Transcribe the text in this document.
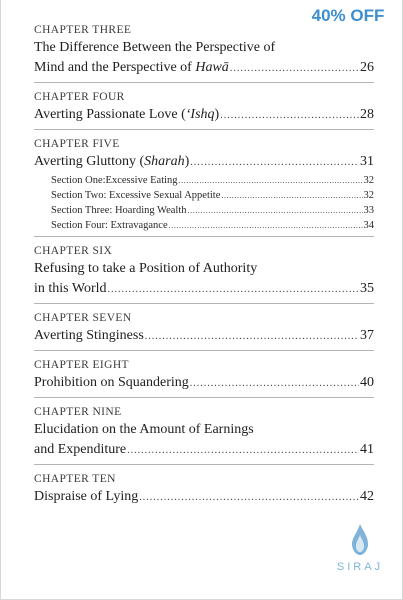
40% OFF
CHAPTER THREE
The Difference Between the Perspective of
Mind and the Perspective of Hawā .....	26
CHAPTER FOUR
Averting Passionate Love (‘Ishq) .....	28
CHAPTER FIVE
Averting Gluttony (Sharah) .....	31
Section One:Excessive Eating .....	32
Section Two: Excessive Sexual Appetite .....	32
Section Three: Hoarding Wealth .....	33
Section Four: Extravagance .....	34
CHAPTER SIX
Refusing to take a Position of Authority
in this World .....	35
CHAPTER SEVEN
Averting Stinginess .....	37
CHAPTER EIGHT
Prohibition on Squandering .....	40
CHAPTER NINE
Elucidation on the Amount of Earnings
and Expenditure .....	41
CHAPTER TEN
Dispraise of Lying .....	42
SIRAJ
